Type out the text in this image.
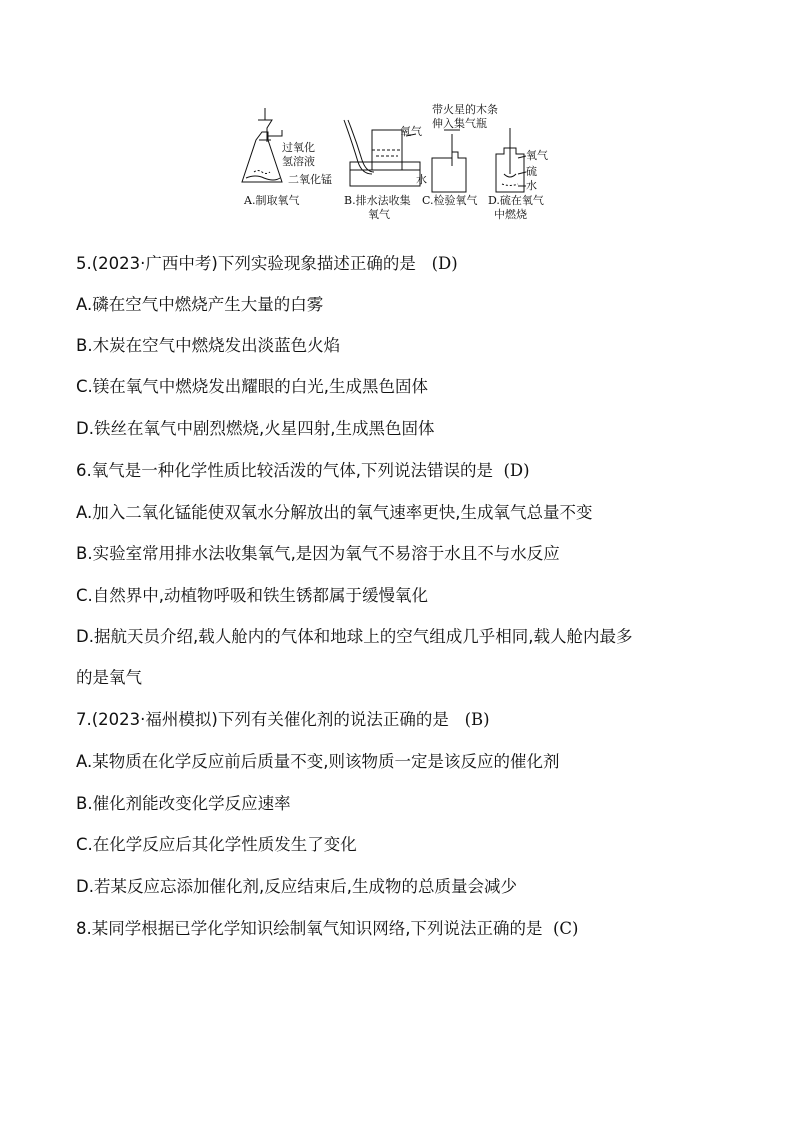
过氧化
氢溶液
二氧化锰
A.制取氧气
氧气
水
B.排水法收集
氧气
带火星的木条
伸入集气瓶
C.检验氧气
氧气
硫
水
D.硫在氧气
中燃烧
5.(2023·广西中考)下列实验现象描述正确的是 (D)
A.磷在空气中燃烧产生大量的白雾
B.木炭在空气中燃烧发出淡蓝色火焰
C.镁在氧气中燃烧发出耀眼的白光,生成黑色固体
D.铁丝在氧气中剧烈燃烧,火星四射,生成黑色固体
6.氧气是一种化学性质比较活泼的气体,下列说法错误的是 (D)
A.加入二氧化锰能使双氧水分解放出的氧气速率更快,生成氧气总量不变
B.实验室常用排水法收集氧气,是因为氧气不易溶于水且不与水反应
C.自然界中,动植物呼吸和铁生锈都属于缓慢氧化
D.据航天员介绍,载人舱内的气体和地球上的空气组成几乎相同,载人舱内最多
的是氧气
7.(2023·福州模拟)下列有关催化剂的说法正确的是 (B)
A.某物质在化学反应前后质量不变,则该物质一定是该反应的催化剂
B.催化剂能改变化学反应速率
C.在化学反应后其化学性质发生了变化
D.若某反应忘添加催化剂,反应结束后,生成物的总质量会减少
8.某同学根据已学化学知识绘制氧气知识网络,下列说法正确的是 (C)
